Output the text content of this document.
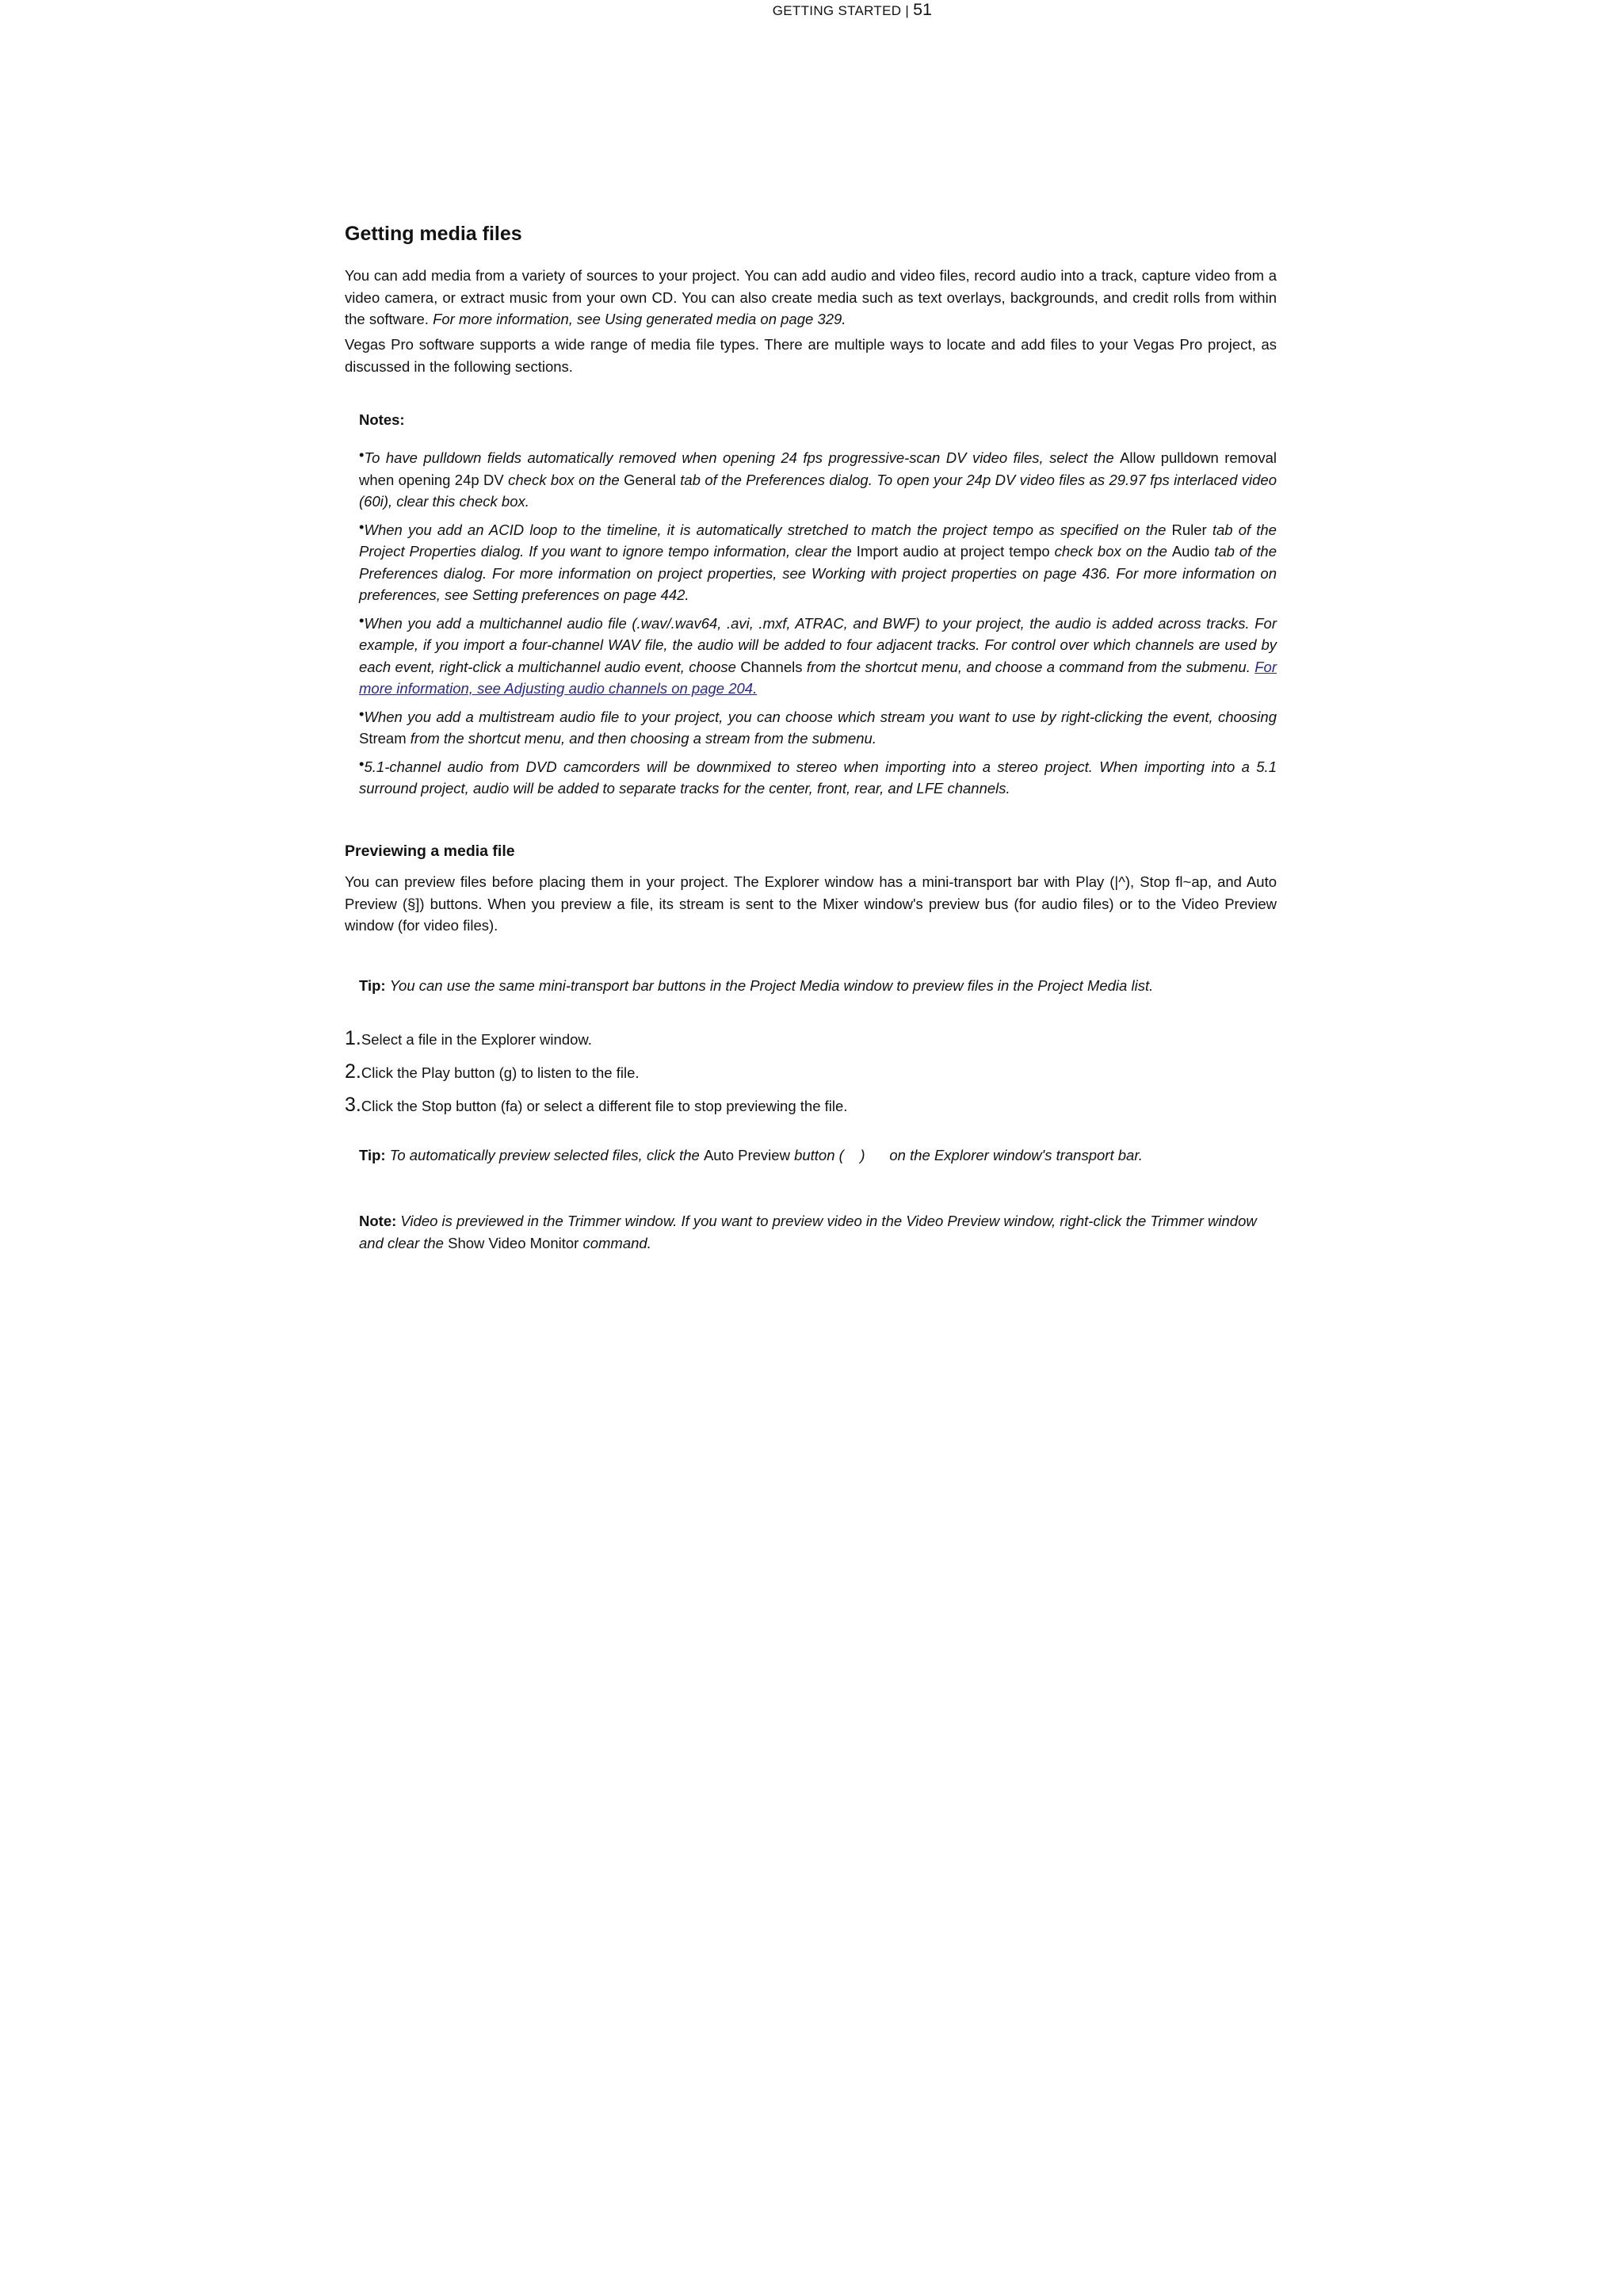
Getting media files

You can add media from a variety of sources to your project. You can add audio and video files, record audio into a track, capture video from a video camera, or extract music from your own CD. You can also create media such as text overlays, backgrounds, and credit rolls from within the software. For more information, see Using generated media on page 329.

Vegas Pro software supports a wide range of media file types. There are multiple ways to locate and add files to your Vegas Pro project, as discussed in the following sections.

Notes:

•To have pulldown fields automatically removed when opening 24 fps progressive-scan DV video files, select the Allow pulldown removal when opening 24p DV check box on the General tab of the Preferences dialog. To open your 24p DV video files as 29.97 fps interlaced video (60i), clear this check box.

•When you add an ACID loop to the timeline, it is automatically stretched to match the project tempo as specified on the Ruler tab of the Project Properties dialog. If you want to ignore tempo information, clear the Import audio at project tempo check box on the Audio tab of the Preferences dialog. For more information on project properties, see Working with project properties on page 436. For more information on preferences, see Setting preferences on page 442.

•When you add a multichannel audio file (.wav/.wav64, .avi, .mxf, ATRAC, and BWF) to your project, the audio is added across tracks. For example, if you import a four-channel WAV file, the audio will be added to four adjacent tracks. For control over which channels are used by each event, right-click a multichannel audio event, choose Channels from the shortcut menu, and choose a command from the submenu. For more information, see Adjusting audio channels on page 204.

•When you add a multistream audio file to your project, you can choose which stream you want to use by right-clicking the event, choosing Stream from the shortcut menu, and then choosing a stream from the submenu.

•5.1-channel audio from DVD camcorders will be downmixed to stereo when importing into a stereo project. When importing into a 5.1 surround project, audio will be added to separate tracks for the center, front, rear, and LFE channels.

Previewing a media file

You can preview files before placing them in your project. The Explorer window has a mini-transport bar with Play (|^), Stop fl~ap, and Auto Preview (§]) buttons. When you preview a file, its stream is sent to the Mixer window's preview bus (for audio files) or to the Video Preview window (for video files).

Tip: You can use the same mini-transport bar buttons in the Project Media window to preview files in the Project Media list.

1.Select a file in the Explorer window.
2.Click the Play button (g) to listen to the file.
3.Click the Stop button (fa) or select a different file to stop previewing the file.

Tip: To automatically preview selected files, click the Auto Preview button (    )      on the Explorer window's transport bar.

Note: Video is previewed in the Trimmer window. If you want to preview video in the Video Preview window, right-click the Trimmer window and clear the Show Video Monitor command.

GETTING STARTED | 51
